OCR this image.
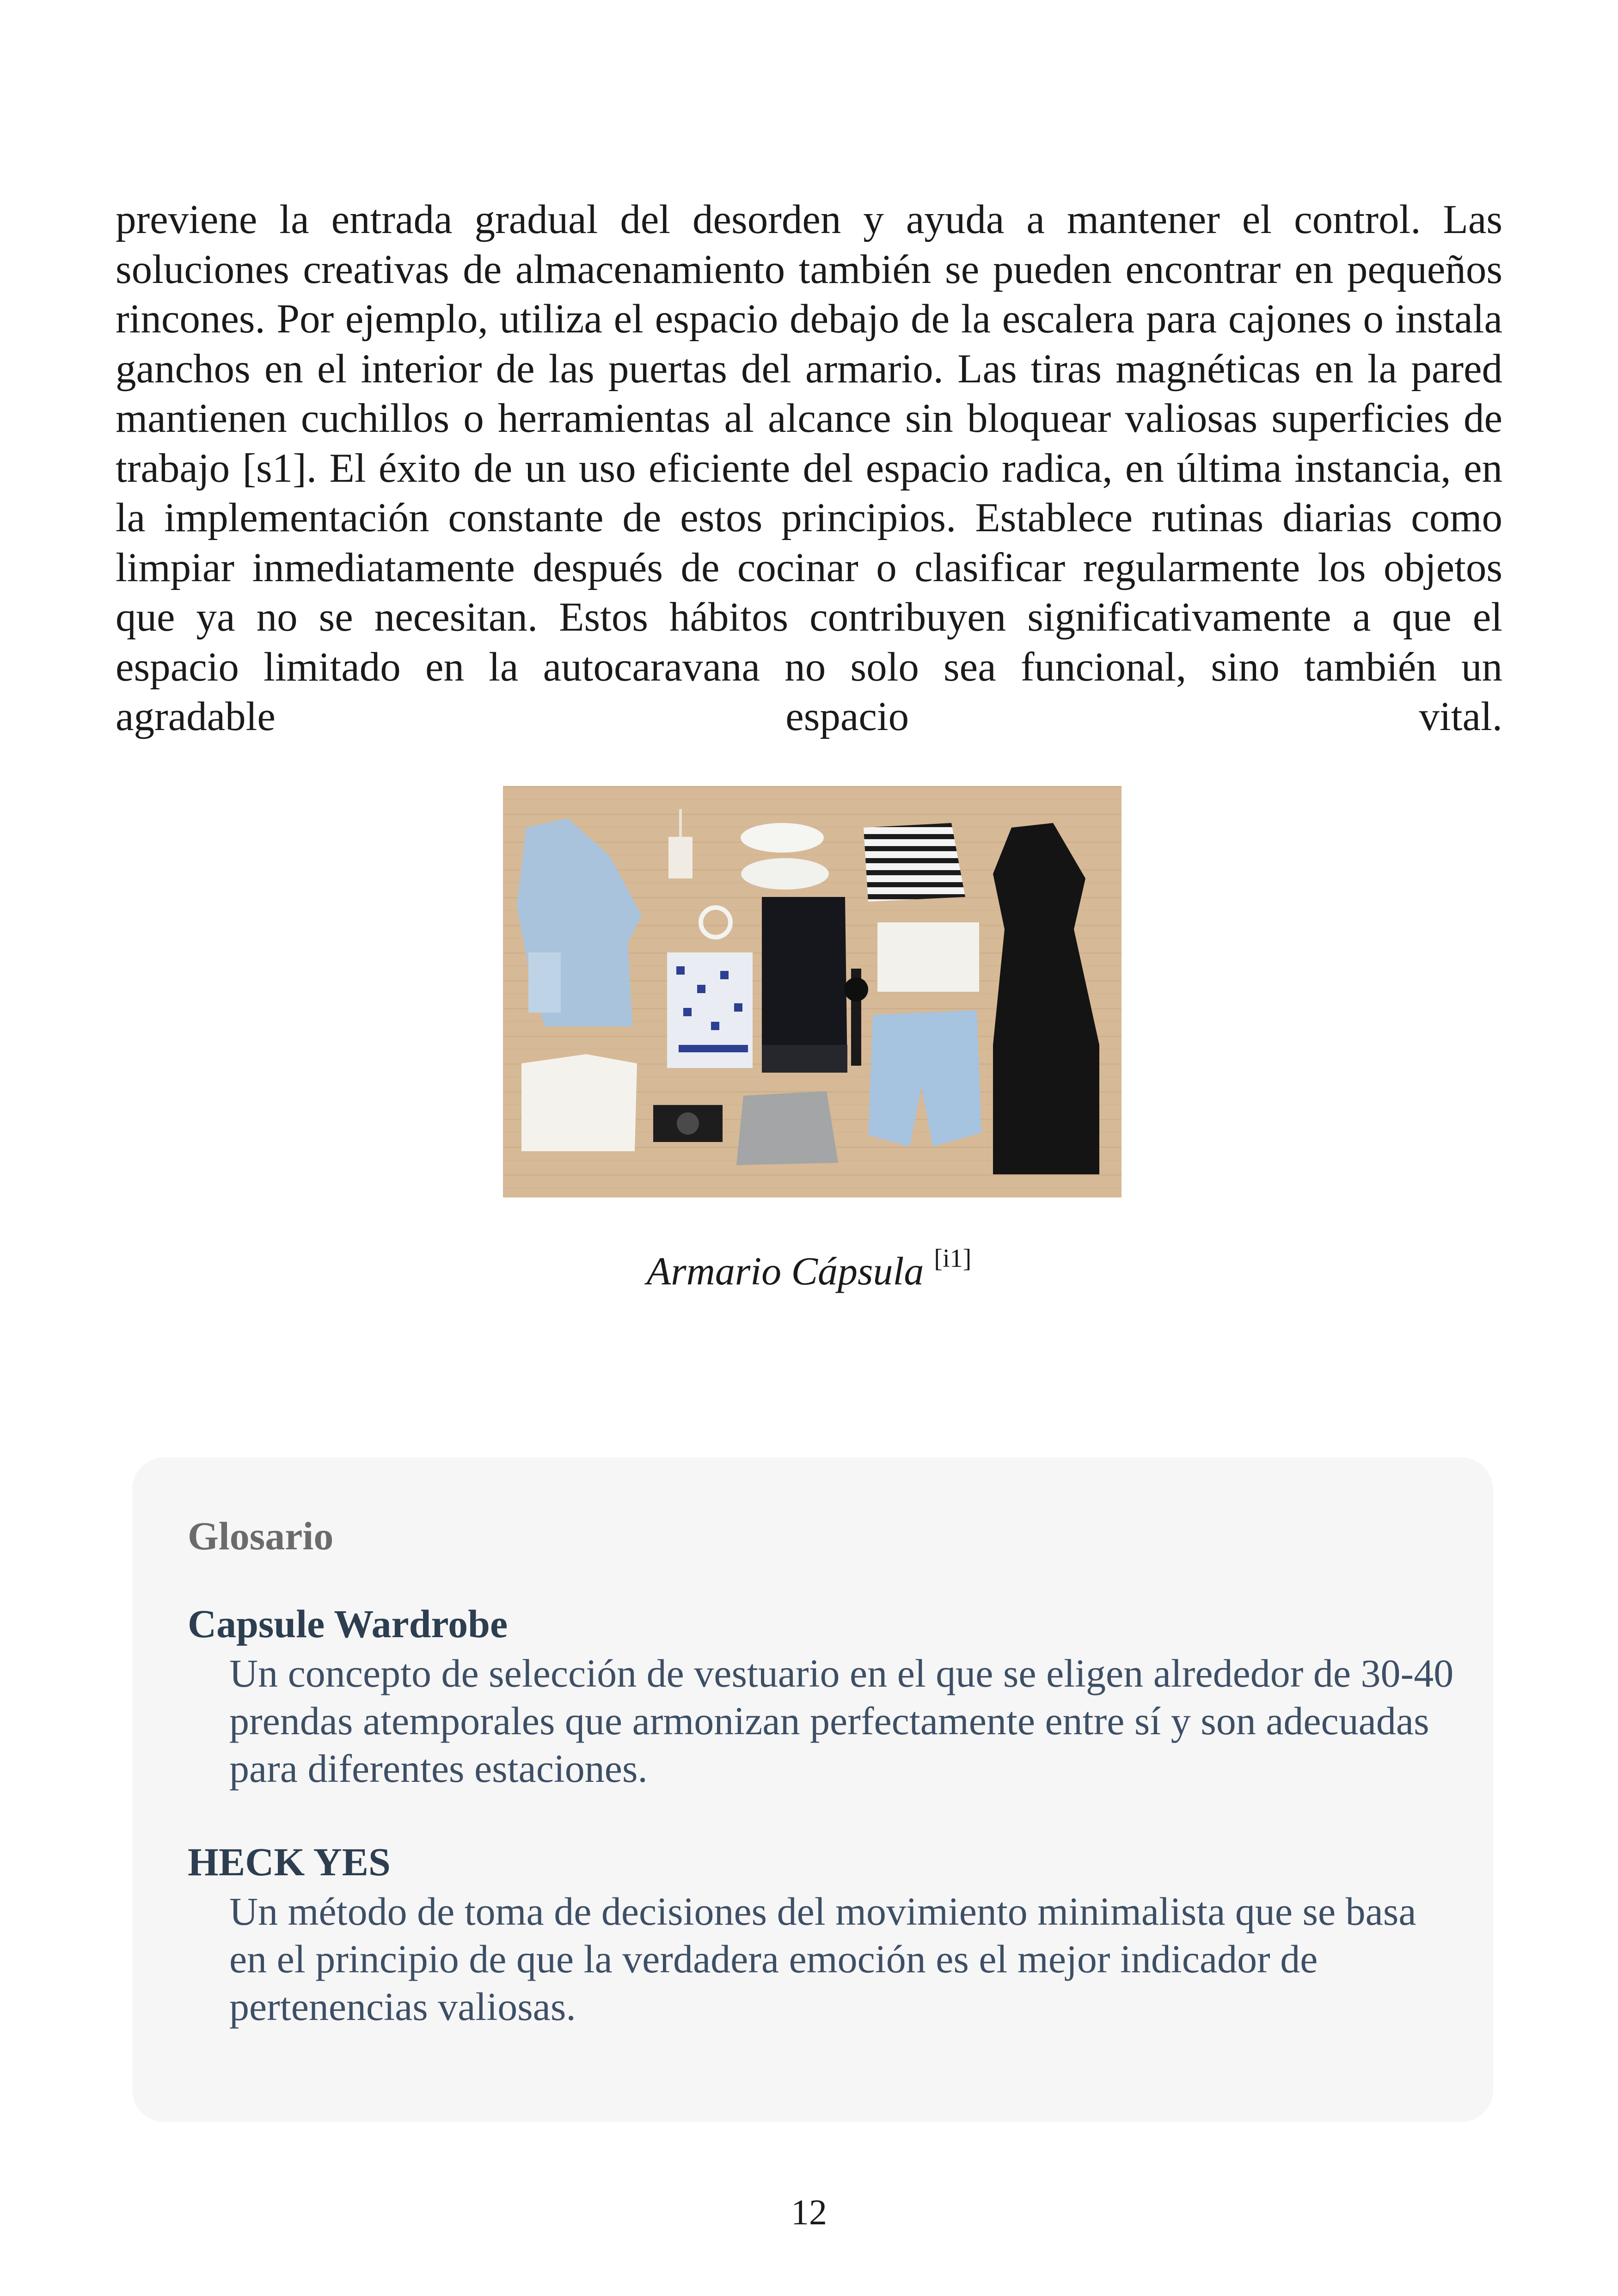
previene la entrada gradual del desorden y ayuda a mantener el control. Las soluciones creativas de almacenamiento también se pueden encontrar en pequeños rincones. Por ejemplo, utiliza el espacio debajo de la escalera para cajones o instala ganchos en el interior de las puertas del armario. Las tiras magnéticas en la pared mantienen cuchillos o herramientas al alcance sin bloquear valiosas superficies de trabajo [s1]. El éxito de un uso eficiente del espacio radica, en última instancia, en la implementación constante de estos principios. Establece rutinas diarias como limpiar inmediatamente después de cocinar o clasificar regularmente los objetos que ya no se necesitan. Estos hábitos contribuyen significativamente a que el espacio limitado en la autocaravana no solo sea funcional, sino también un agradable espacio vital.

Armario Cápsula [i1]
Glosario
Capsule Wardrobe

Un concepto de selección de vestuario en el que se eligen alrededor de 30-40 prendas atemporales que armonizan perfectamente entre sí y son adecuadas para diferentes estaciones.

HECK YES

Un método de toma de decisiones del movimiento minimalista que se basa en el principio de que la verdadera emoción es el mejor indicador de pertenencias valiosas.

12
